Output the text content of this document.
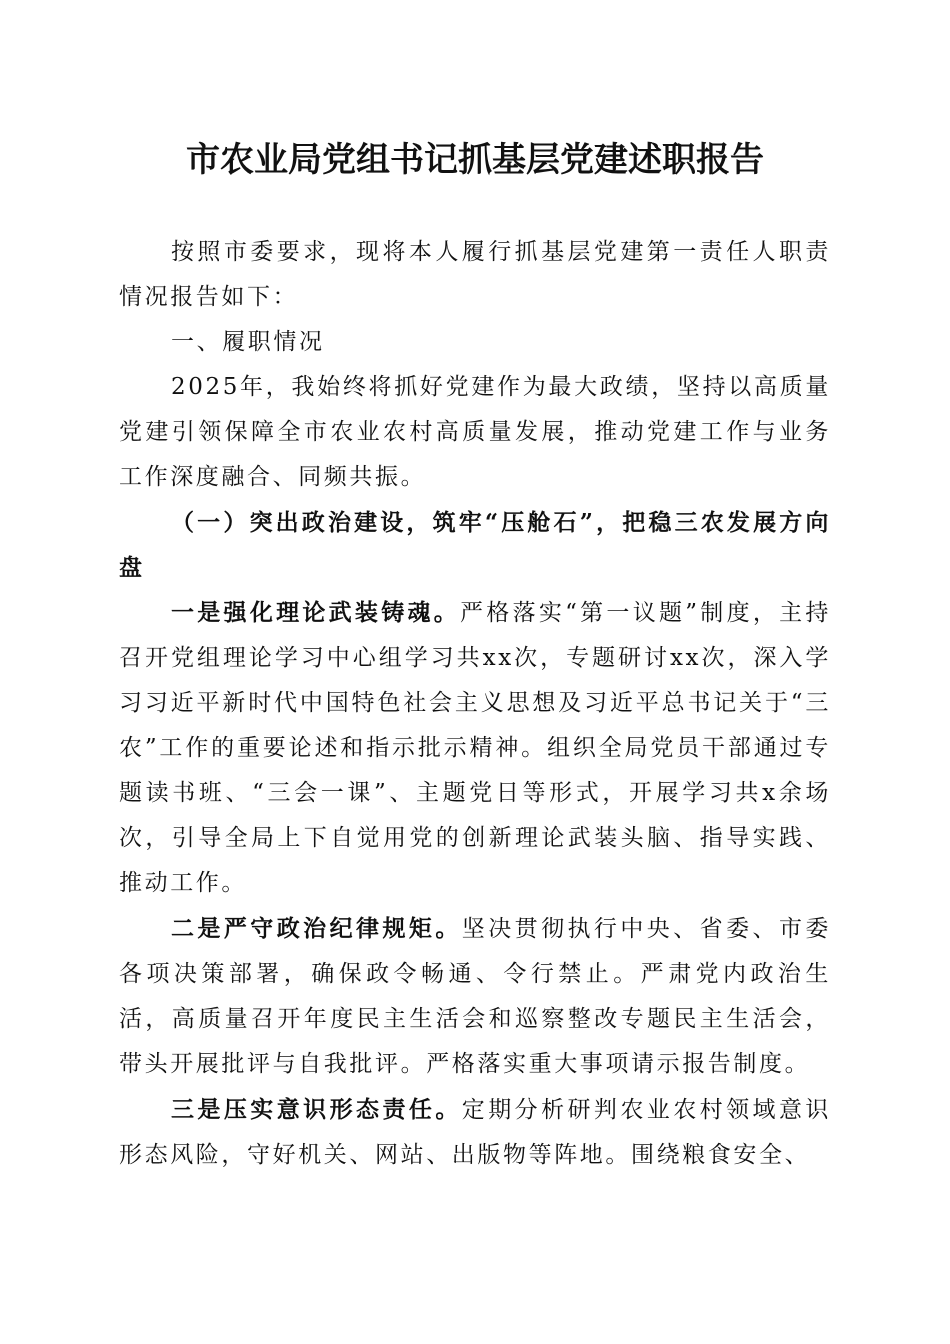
市农业局党组书记抓基层党建述职报告

按照市委要求，现将本人履行抓基层党建第一责任人职责情况报告如下：

一、履职情况

2025年，我始终将抓好党建作为最大政绩，坚持以高质量党建引领保障全市农业农村高质量发展，推动党建工作与业务工作深度融合、同频共振。

（一）突出政治建设，筑牢“压舱石”，把稳三农发展方向盘

一是强化理论武装铸魂。严格落实“第一议题”制度，主持召开党组理论学习中心组学习共xx次，专题研讨xx次，深入学习习近平新时代中国特色社会主义思想及习近平总书记关于“三农”工作的重要论述和指示批示精神。组织全局党员干部通过专题读书班、“三会一课”、主题党日等形式，开展学习共x余场次，引导全局上下自觉用党的创新理论武装头脑、指导实践、推动工作。

二是严守政治纪律规矩。坚决贯彻执行中央、省委、市委各项决策部署，确保政令畅通、令行禁止。严肃党内政治生活，高质量召开年度民主生活会和巡察整改专题民主生活会，带头开展批评与自我批评。严格落实重大事项请示报告制度。

三是压实意识形态责任。定期分析研判农业农村领域意识形态风险，守好机关、网站、出版物等阵地。围绕粮食安全、
